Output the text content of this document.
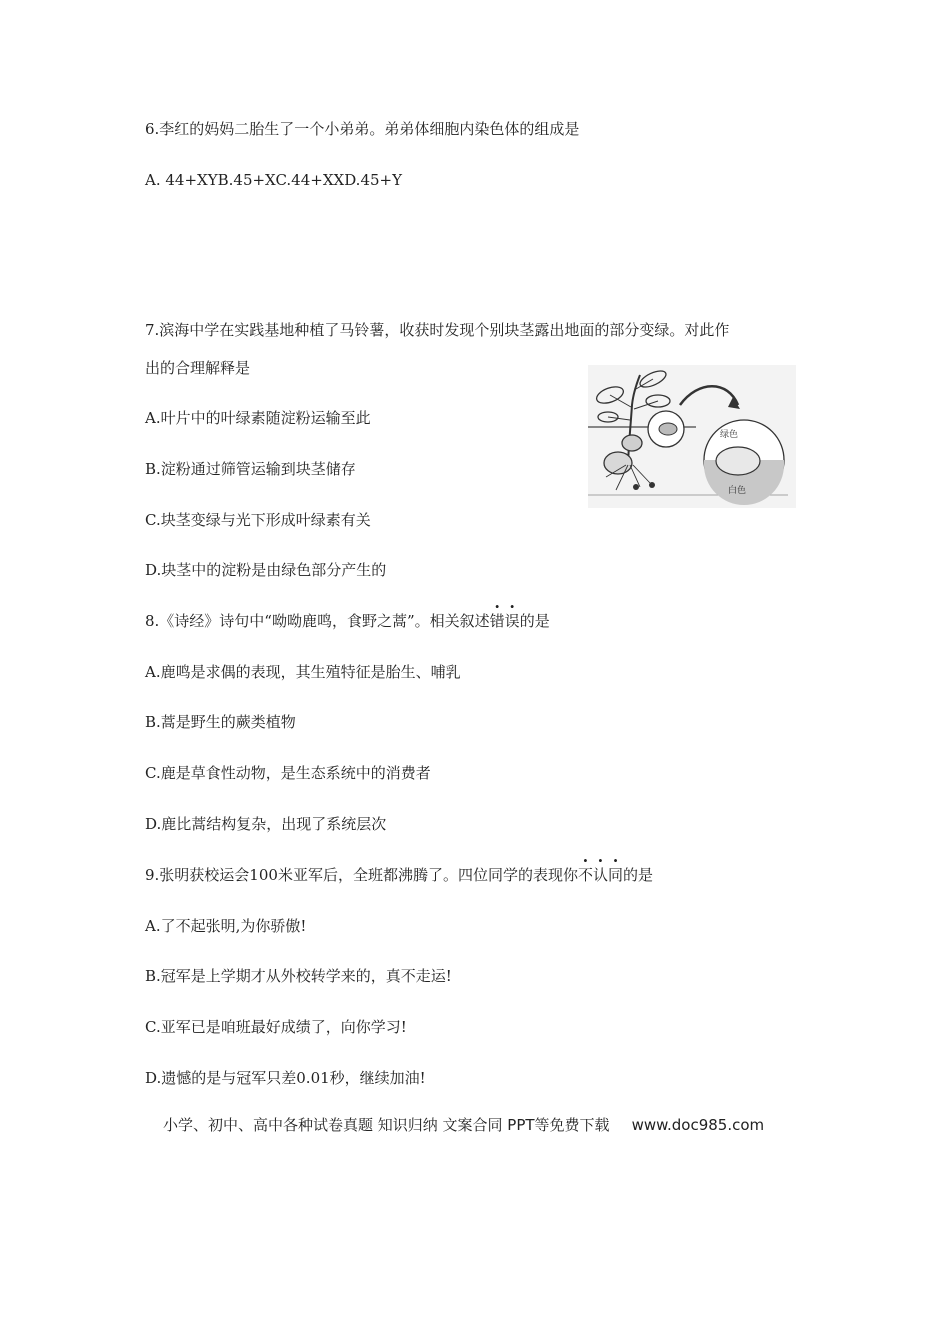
6.李红的妈妈二胎生了一个小弟弟。弟弟体细胞内染色体的组成是
A. 44+XYB.45+XC.44+XXD.45+Y
7.滨海中学在实践基地种植了马铃薯，收获时发现个别块茎露出地面的部分变绿。对此作
出的合理解释是
A.叶片中的叶绿素随淀粉运输至此
B.淀粉通过筛管运输到块茎储存
C.块茎变绿与光下形成叶绿素有关
D.块茎中的淀粉是由绿色部分产生的
绿色
白色
8.《诗经》诗句中“呦呦鹿鸣，食野之蒿”。相关叙述错误的是
A.鹿鸣是求偶的表现，其生殖特征是胎生、哺乳
B.蒿是野生的蕨类植物
C.鹿是草食性动物，是生态系统中的消费者
D.鹿比蒿结构复杂，出现了系统层次
9.张明获校运会100米亚军后，全班都沸腾了。四位同学的表现你不认同的是
A.了不起张明,为你骄傲!
B.冠军是上学期才从外校转学来的，真不走运!
C.亚军已是咱班最好成绩了，向你学习!
D.遗憾的是与冠军只差0.01秒，继续加油!
小学、初中、高中各种试卷真题 知识归纳 文案合同 PPT等免费下载 www.doc985.com
